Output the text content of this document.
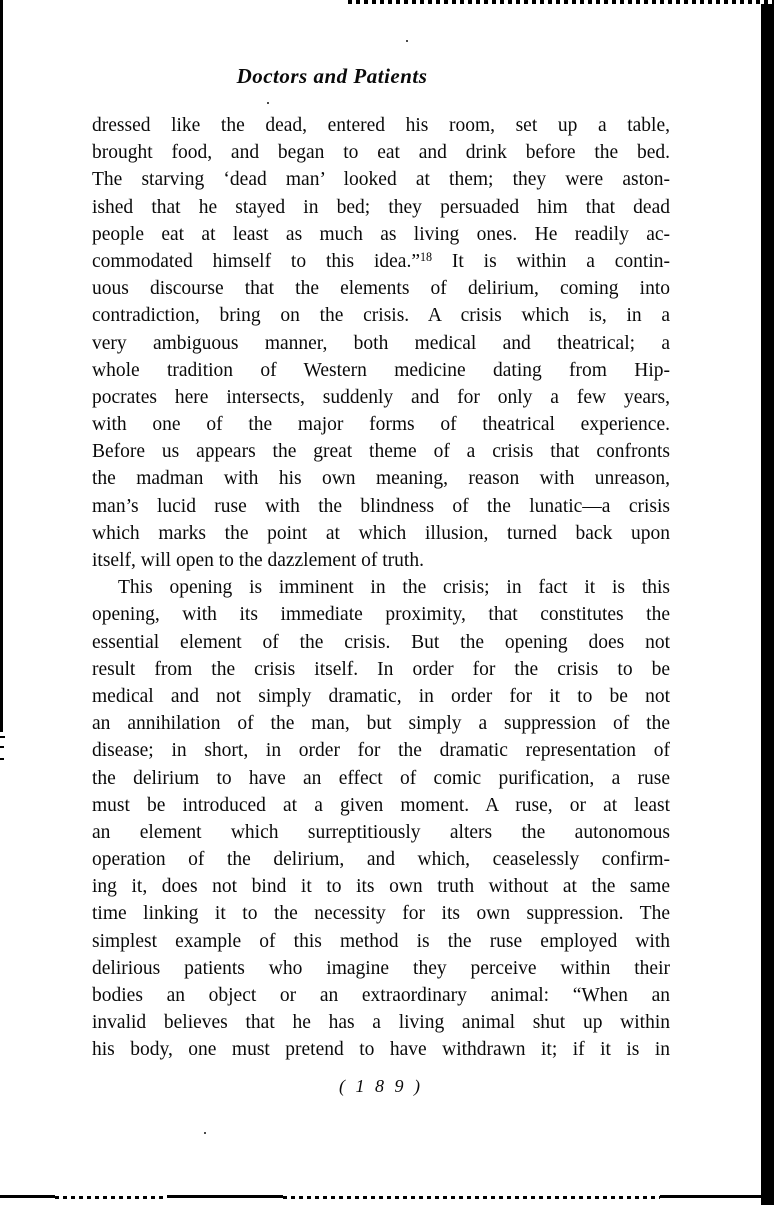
Doctors and Patients
dressed like the dead, entered his room, set up a table,
brought food, and began to eat and drink before the bed.
The starving ‘dead man’ looked at them; they were aston-
ished that he stayed in bed; they persuaded him that dead
people eat at least as much as living ones. He readily ac-
commodated himself to this idea.”$^{18}$ It is within a contin-
uous discourse that the elements of delirium, coming into
contradiction, bring on the crisis. A crisis which is, in a
very ambiguous manner, both medical and theatrical; a
whole tradition of Western medicine dating from Hip-
pocrates here intersects, suddenly and for only a few years,
with one of the major forms of theatrical experience.
Before us appears the great theme of a crisis that confronts
the madman with his own meaning, reason with unreason,
man’s lucid ruse with the blindness of the lunatic—a crisis
which marks the point at which illusion, turned back upon
itself, will open to the dazzlement of truth.
This opening is imminent in the crisis; in fact it is this
opening, with its immediate proximity, that constitutes the
essential element of the crisis. But the opening does not
result from the crisis itself. In order for the crisis to be
medical and not simply dramatic, in order for it to be not
an annihilation of the man, but simply a suppression of the
disease; in short, in order for the dramatic representation of
the delirium to have an effect of comic purification, a ruse
must be introduced at a given moment. A ruse, or at least
an element which surreptitiously alters the autonomous
operation of the delirium, and which, ceaselessly confirm-
ing it, does not bind it to its own truth without at the same
time linking it to the necessity for its own suppression. The
simplest example of this method is the ruse employed with
delirious patients who imagine they perceive within their
bodies an object or an extraordinary animal: “When an
invalid believes that he has a living animal shut up within
his body, one must pretend to have withdrawn it; if it is in
( 1 8 9 )
